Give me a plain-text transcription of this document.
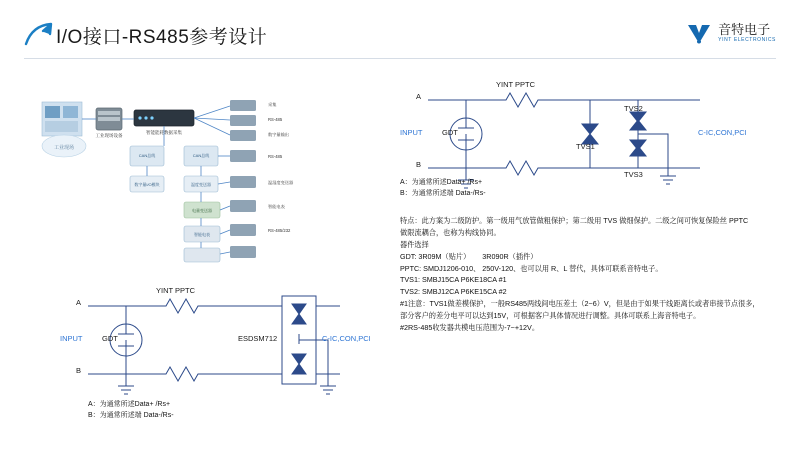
I/O接口-RS485参考设计	音特电子
YINT ELECTRONICS
工业现场
工业现场设备
智能能耗数据采集
采集
RS-485
数字量输出
CAN总线	CAN总线	RS-485
数字量I/O模块	温度变送器	温湿度变送器
电量变送器
智能电表
智能电表
RS-485/232
INPUT	GDT
YINT PPTC
A
B
TVS1
TVS2
TVS3
C-IC,CON,PCI
A：为通常所述Data+ /Rs+
B：为通常所述端 Data-/Rs-

特点：此方案为二级防护。第一级用气放管做粗保护；第二级用 TVS 做细保护。二级之间可恢复保险丝 PPTC

做限流耦合，也称为构线协同。

器件选择

GDT: 3R09M（贴片） 3R090R（插件）

PPTC: SMDJ1206-010、 250V-120、也可以用 R、L 替代，具体可联系音特电子。

TVS1: SMBJ15CA P6KE18CA #1

TVS2: SMBJ12CA P6KE15CA #2

#1注意：TVS1做差模保护，一般RS485两线间电压差土（2~6）V，但是由于如果干线距离长或者串接节点很多，

部分客户的差分电平可以达到15V，可根据客户具体情况进行调整。具体可联系上海音特电子。

#2RS-485收发器共模电压范围为-7~+12V。

INPUT	GDT
YINT PPTC
A
B
ESDSM712	C-IC,CON,PCI
A：为通常所述Data+ /Rs+
B：为通常所述端 Data-/Rs-
